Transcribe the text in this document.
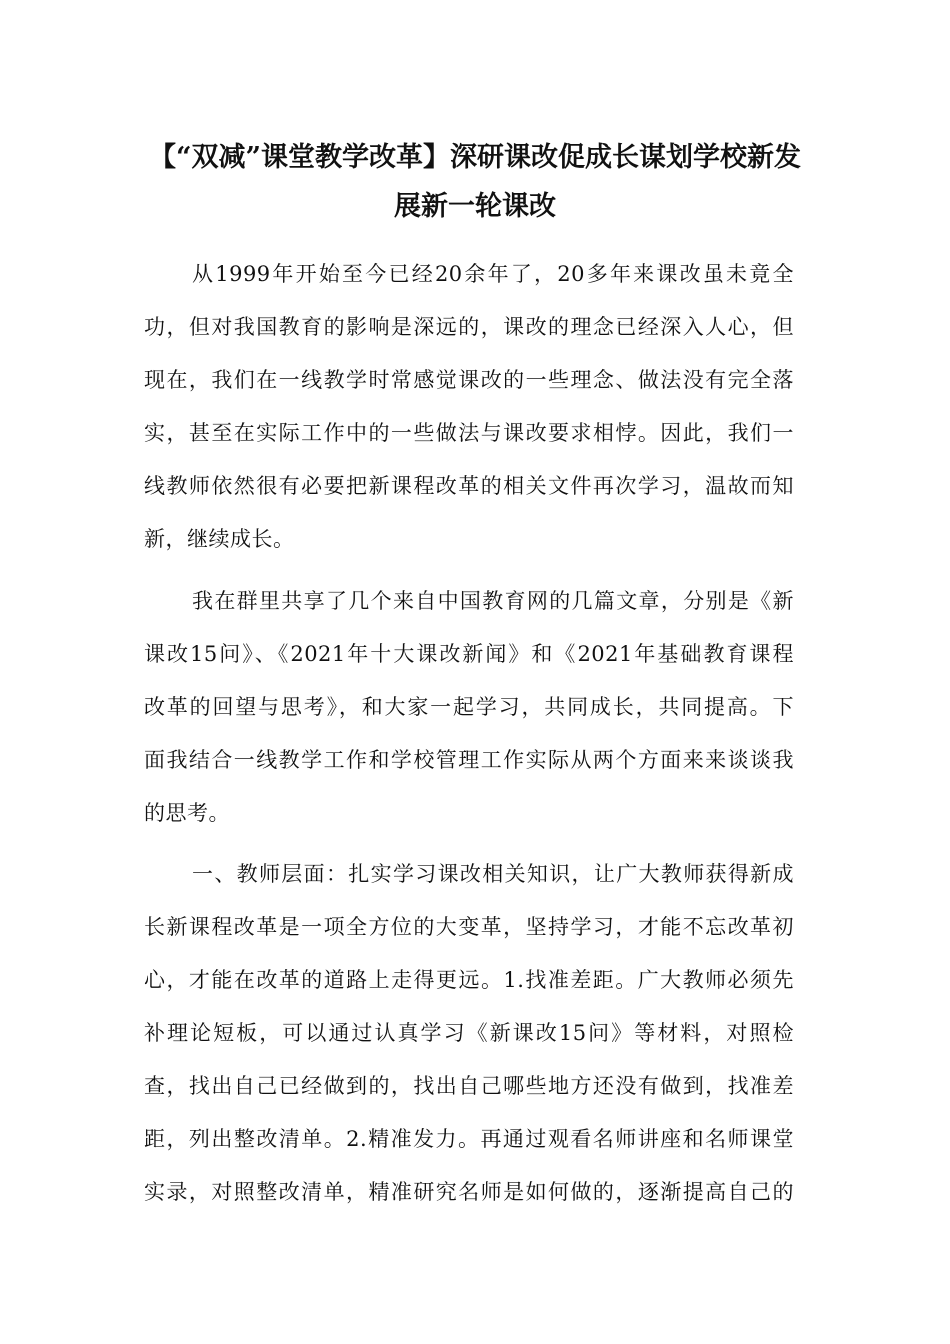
【“双减”课堂教学改革】深研课改促成长谋划学校新发
展新一轮课改
从1999年开始至今已经20余年了，20多年来课改虽未竟全
功，但对我国教育的影响是深远的，课改的理念已经深入人心，但
现在，我们在一线教学时常感觉课改的一些理念、做法没有完全落
实，甚至在实际工作中的一些做法与课改要求相悖。因此，我们一
线教师依然很有必要把新课程改革的相关文件再次学习，温故而知
新，继续成长。
我在群里共享了几个来自中国教育网的几篇文章，分别是《新
课改15问》、《2021年十大课改新闻》和《2021年基础教育课程
改革的回望与思考》，和大家一起学习，共同成长，共同提高。下
面我结合一线教学工作和学校管理工作实际从两个方面来来谈谈我
的思考。
一、教师层面：扎实学习课改相关知识，让广大教师获得新成
长新课程改革是一项全方位的大变革，坚持学习，才能不忘改革初
心，才能在改革的道路上走得更远。1.找准差距。广大教师必须先
补理论短板，可以通过认真学习《新课改15问》等材料，对照检
查，找出自己已经做到的，找出自己哪些地方还没有做到，找准差
距，列出整改清单。2.精准发力。再通过观看名师讲座和名师课堂
实录，对照整改清单，精准研究名师是如何做的，逐渐提高自己的
